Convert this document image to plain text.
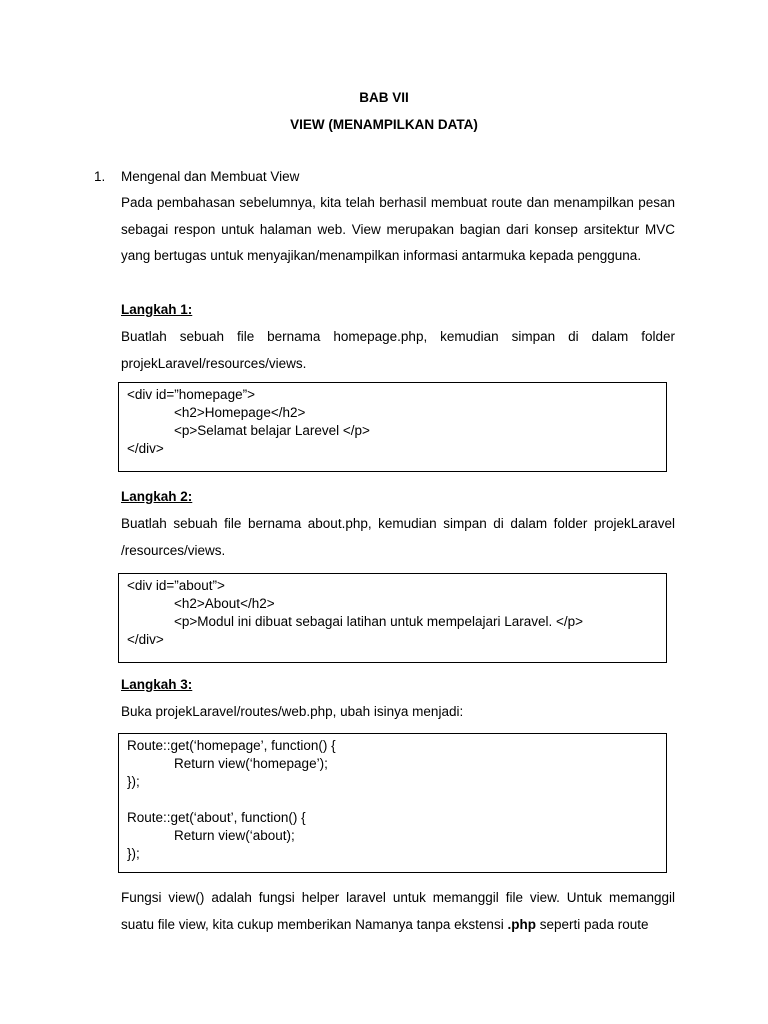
BAB VII
VIEW (MENAMPILKAN DATA)
1. Mengenal dan Membuat View
Pada pembahasan sebelumnya, kita telah berhasil membuat route dan menampilkan pesan sebagai respon untuk halaman web. View merupakan bagian dari konsep arsitektur MVC yang bertugas untuk menyajikan/menampilkan informasi antarmuka kepada pengguna.
Langkah 1:
Buatlah sebuah file bernama homepage.php, kemudian simpan di dalam folder projekLaravel/resources/views.
<div id=”homepage”>
<h2>Homepage</h2>
<p>Selamat belajar Larevel </p>
</div>
Langkah 2:
Buatlah sebuah file bernama about.php, kemudian simpan di dalam folder projekLaravel /resources/views.
<div id=”about”>
<h2>About</h2>
<p>Modul ini dibuat sebagai latihan untuk mempelajari Laravel. </p>
</div>
Langkah 3:
Buka projekLaravel/routes/web.php, ubah isinya menjadi:
Route::get(‘homepage’, function() {
Return view(‘homepage’);
});
Route::get(‘about’, function() {
Return view(‘about);
});
Fungsi view() adalah fungsi helper laravel untuk memanggil file view. Untuk memanggil suatu file view, kita cukup memberikan Namanya tanpa ekstensi .php seperti pada route
